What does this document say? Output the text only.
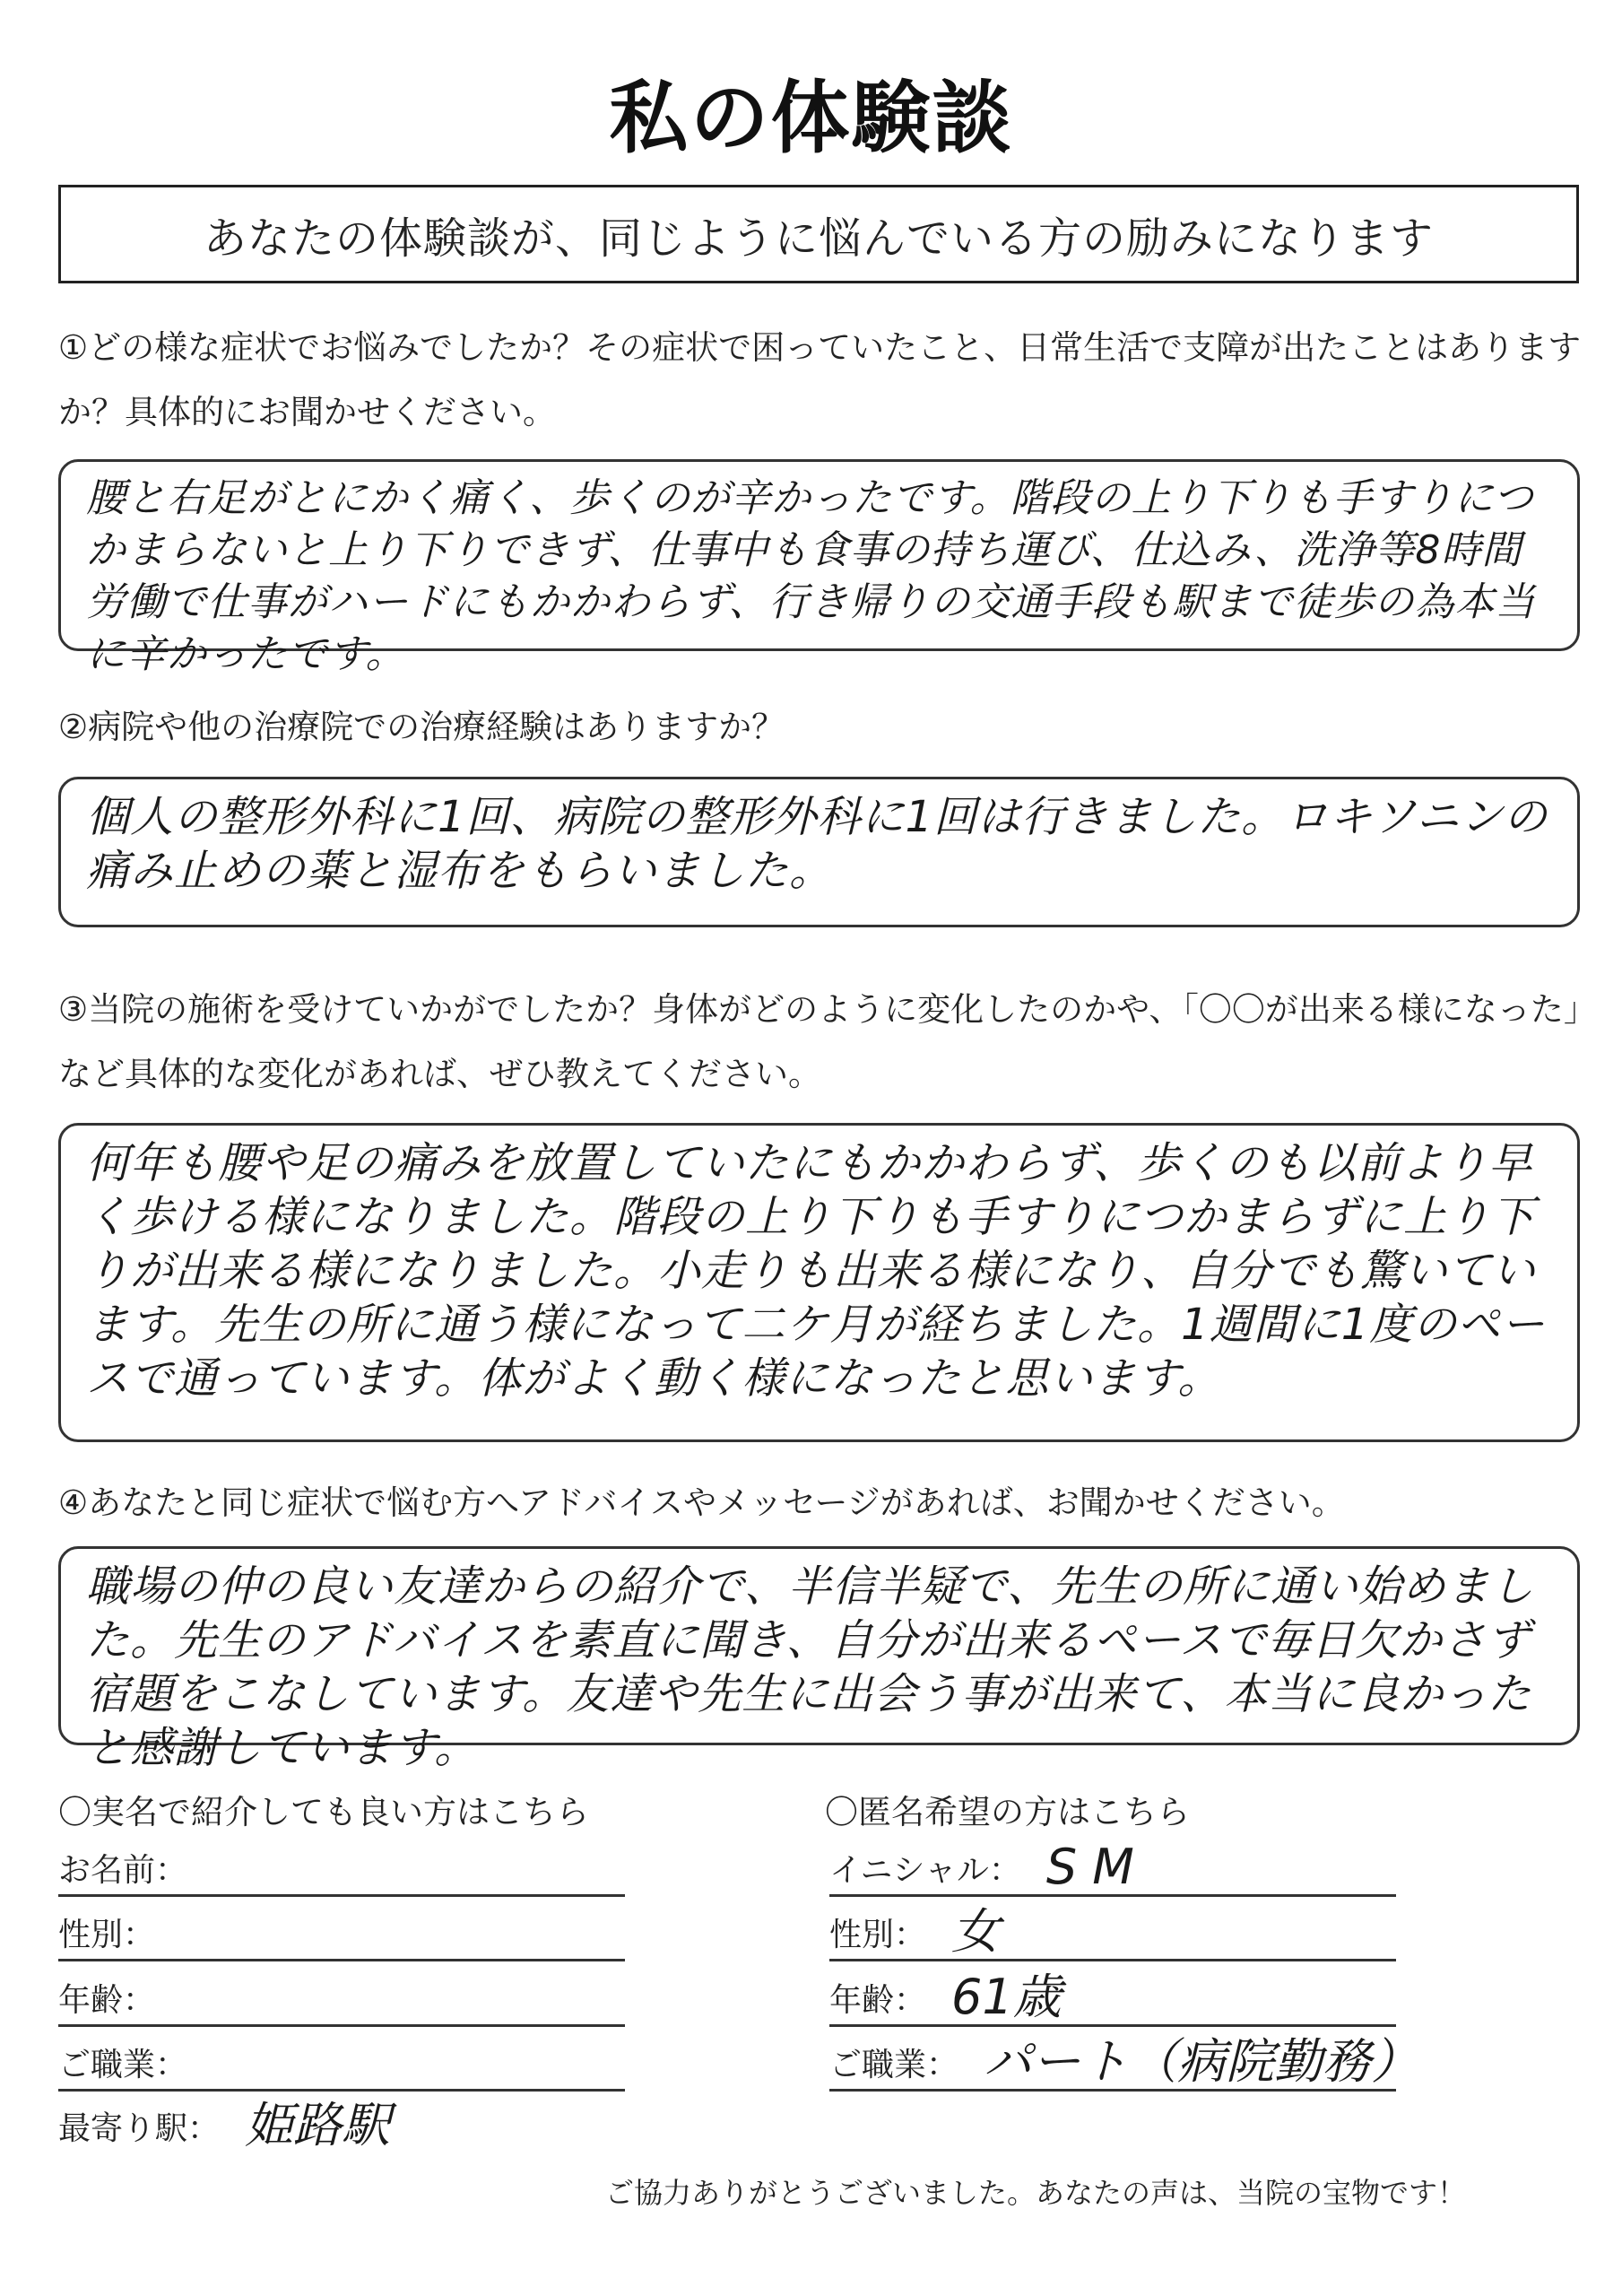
私の体験談
あなたの体験談が、同じように悩んでいる方の励みになります
①どの様な症状でお悩みでしたか？その症状で困っていたこと、日常生活で支障が出たことはありますか？具体的にお聞かせください。
腰と右足がとにかく痛く、歩くのが辛かったです。階段の上り下りも手すりにつかまらないと上り下りできず、仕事中も食事の持ち運び、仕込み、洗浄等8時間労働で仕事がハードにもかかわらず、行き帰りの交通手段も駅まで徒歩の為本当に辛かったです。
②病院や他の治療院での治療経験はありますか？
個人の整形外科に1回、病院の整形外科に1回は行きました。ロキソニンの痛み止めの薬と湿布をもらいました。
③当院の施術を受けていかがでしたか？身体がどのように変化したのかや、「〇〇が出来る様になった」など具体的な変化があれば、ぜひ教えてください。
何年も腰や足の痛みを放置していたにもかかわらず、歩くのも以前より早く歩ける様になりました。階段の上り下りも手すりにつかまらずに上り下りが出来る様になりました。小走りも出来る様になり、自分でも驚いています。先生の所に通う様になって二ケ月が経ちました。1週間に1度のペースで通っています。体がよく動く様になったと思います。
④あなたと同じ症状で悩む方へアドバイスやメッセージがあれば、お聞かせください。
職場の仲の良い友達からの紹介で、半信半疑で、先生の所に通い始めました。先生のアドバイスを素直に聞き、自分が出来るペースで毎日欠かさず宿題をこなしています。友達や先生に出会う事が出来て、本当に良かったと感謝しています。
〇実名で紹介しても良い方はこちら
お名前：
性別：
年齢：
ご職業：
最寄り駅： 姫路駅
〇匿名希望の方はこちら
イニシャル： S M
性別： 女
年齢： 61歳
ご職業： パート（病院勤務）
ご協力ありがとうございました。あなたの声は、当院の宝物です！
